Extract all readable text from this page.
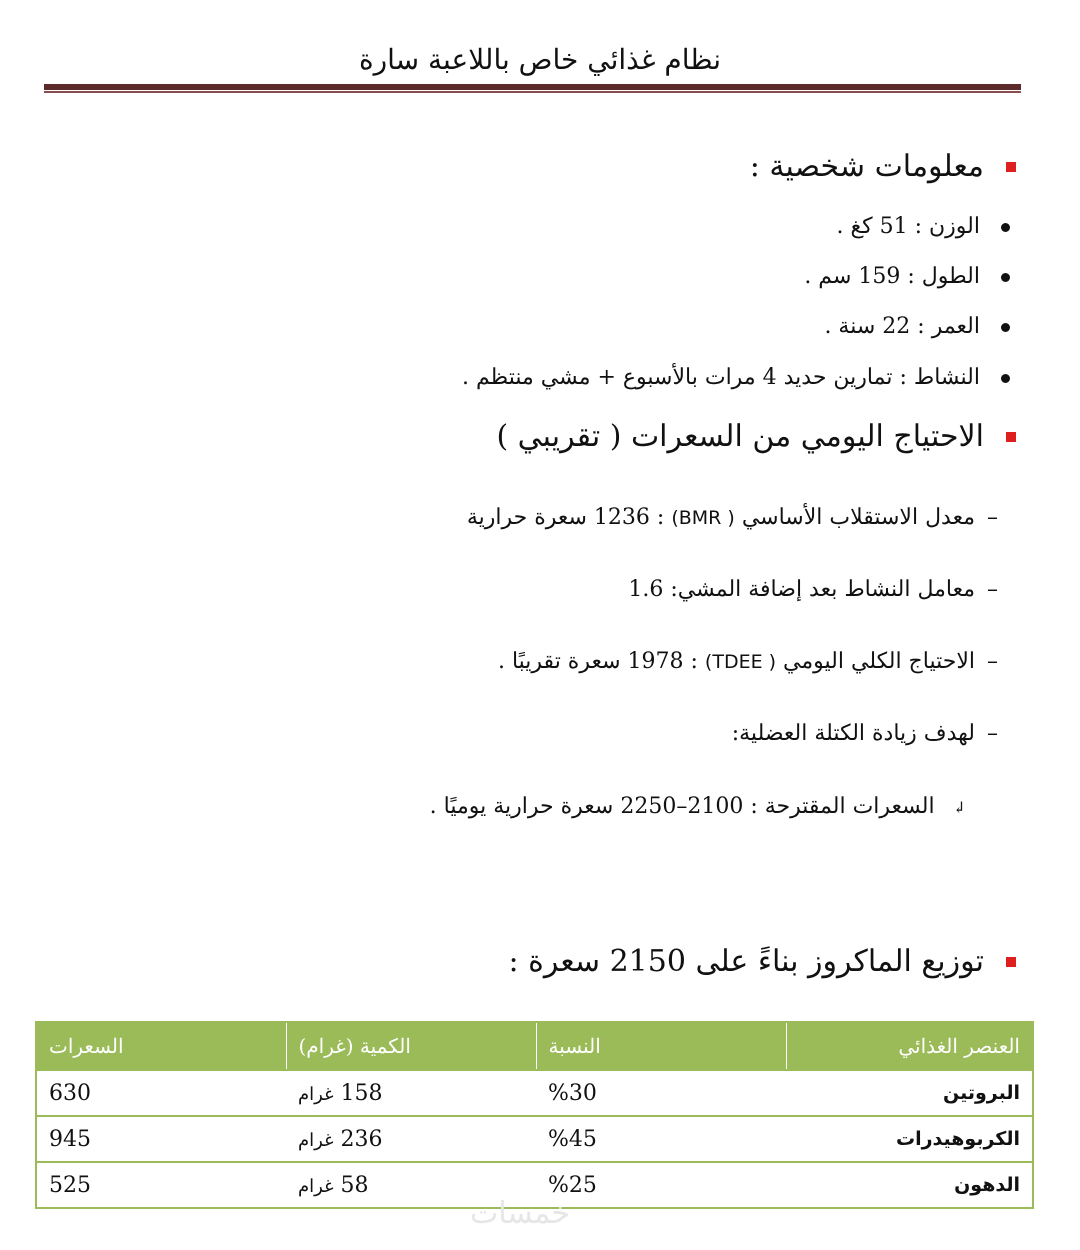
نظام غذائي خاص باللاعبة سارة
معلومات شخصية :
الوزن : 51 كغ .
الطول : 159 سم .
العمر : 22 سنة .
النشاط : تمارين حديد 4 مرات بالأسبوع + مشي منتظم .
الاحتياج اليومي من السعرات ( تقريبي )
–معدل الاستقلاب الأساسي (BMR ) : 1236 سعرة حرارية
–معامل النشاط بعد إضافة المشي: 1.6
–الاحتياج الكلي اليومي (TDEE ) : 1978 سعرة تقريبًا .
–لهدف زيادة الكتلة العضلية:
↲السعرات المقترحة : 2100–2250 سعرة حرارية يوميًا .
توزيع الماكروز بناءً على 2150 سعرة :
العنصر الغذائي	النسبة	الكمية (غرام)	السعرات
البروتين	%30	158 غرام	630
الكربوهيدرات	%45	236 غرام	945
الدهون	%25	58 غرام	525
خمسات
